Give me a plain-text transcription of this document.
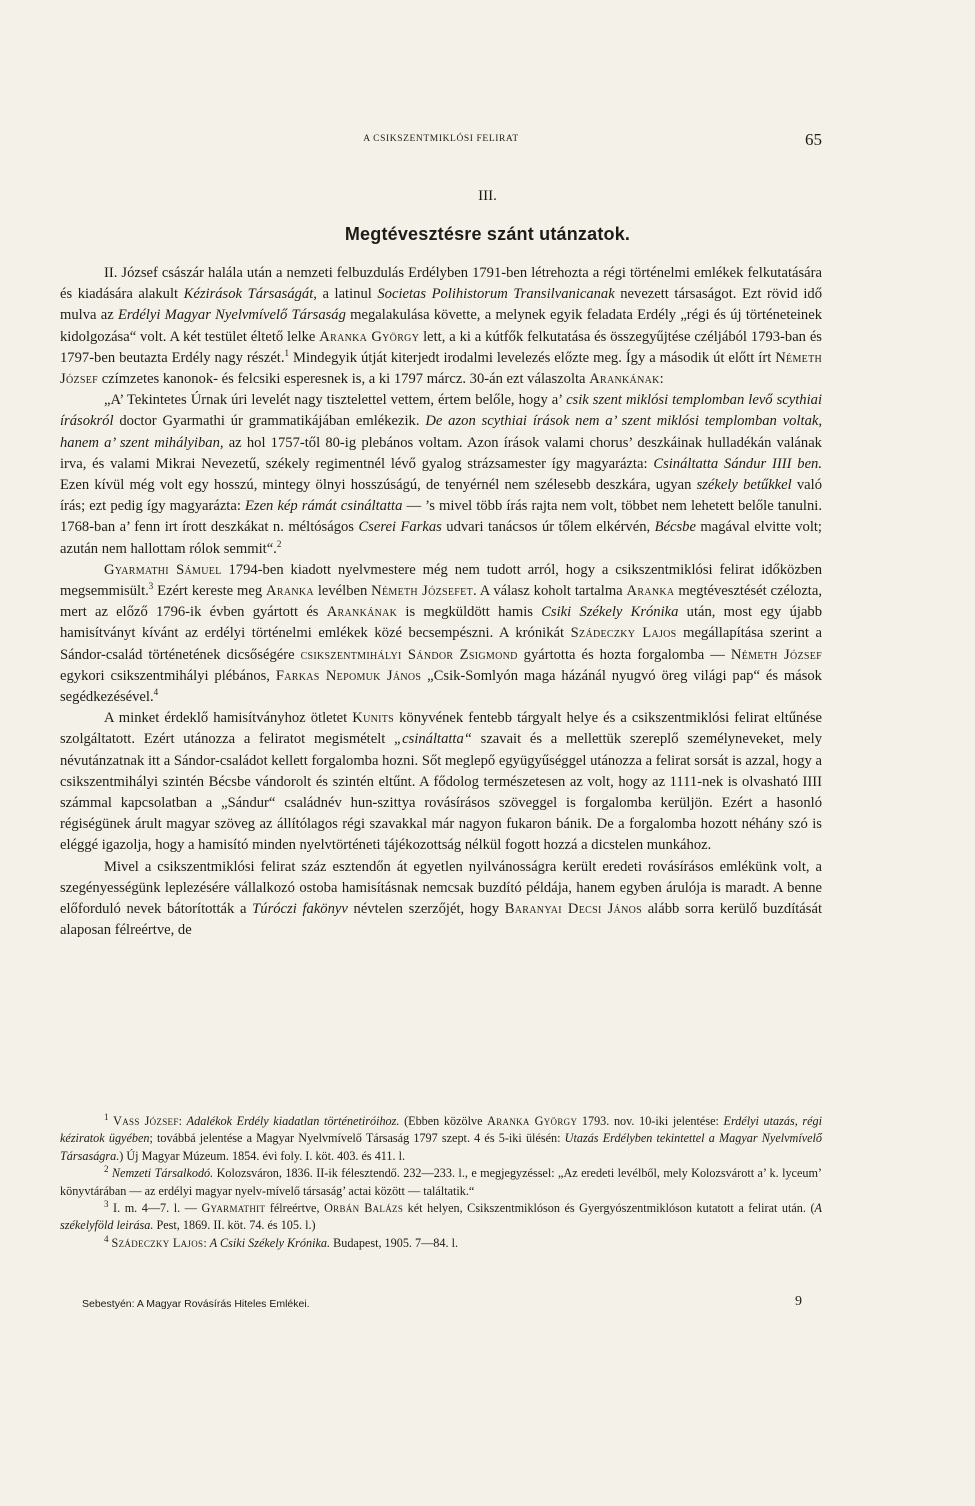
A CSIKSZENTMIKLÓSI FELIRAT	65
III.
Megtévesztésre szánt utánzatok.

II. József császár halála után a nemzeti felbuzdulás Erdélyben 1791-ben létrehozta a régi történelmi emlékek felkutatására és kiadására alakult Kézirások Társaságát, a latinul Societas Polihistorum Transilvanicanak nevezett társaságot. Ezt rövid idő mulva az Erdélyi Magyar Nyelvmívelő Társaság megalakulása követte, a melynek egyik feladata Erdély „régi és új történeteinek kidolgozása“ volt. A két testület éltető lelke Aranka György lett, a ki a kútfők felkutatása és összegyűjtése czéljából 1793-ban és 1797-ben beutazta Erdély nagy részét.$^1$ Mindegyik útját kiterjedt irodalmi levelezés előzte meg. Így a második út előtt írt Németh József czímzetes kanonok- és felcsiki esperesnek is, a ki 1797 márcz. 30-án ezt válaszolta Arankának:

„A’ Tekintetes Úrnak úri levelét nagy tisztelettel vettem, értem belőle, hogy a’ csik szent miklósi templomban levő scythiai írásokról doctor Gyarmathi úr grammatikájában emlékezik. De azon scythiai írások nem a’ szent miklósi templomban voltak, hanem a’ szent mihályiban, az hol 1757-től 80-ig plebános voltam. Azon írások valami chorus’ deszkáinak hulladékán valának irva, és valami Mikrai Nevezetű, székely regimentnél lévő gyalog strázsamester így magyarázta: Csináltatta Sándur IIII ben. Ezen kívül még volt egy hosszú, mintegy ölnyi hosszúságú, de tenyérnél nem szélesebb deszkára, ugyan székely betűkkel való írás; ezt pedig így magyarázta: Ezen kép rámát csináltatta — ’s mivel több írás rajta nem volt, többet nem lehetett belőle tanulni. 1768-ban a’ fenn irt írott deszkákat n. méltóságos Cserei Farkas udvari tanácsos úr tőlem elkérvén, Bécsbe magával elvitte volt; azután nem hallottam rólok semmit“.$^2$

Gyarmathi Sámuel 1794-ben kiadott nyelvmestere még nem tudott arról, hogy a csikszentmiklósi felirat időközben megsemmisült.$^3$ Ezért kereste meg Aranka levélben Németh Józsefet. A válasz koholt tartalma Aranka megtévesztését czélozta, mert az előző 1796-ik évben gyártott és Arankának is megküldött hamis Csiki Székely Krónika után, most egy újabb hamisítványt kívánt az erdélyi történelmi emlékek közé becsempészni. A krónikát Szádeczky Lajos megállapítása szerint a Sándor-család történetének dicsőségére csikszentmihályi Sándor Zsigmond gyártotta és hozta forgalomba — Németh József egykori csikszentmihályi plébános, Farkas Nepomuk János „Csik-Somlyón maga házánál nyugvó öreg világi pap“ és mások segédkezésével.$^4$

A minket érdeklő hamisítványhoz ötletet Kunits könyvének fentebb tárgyalt helye és a csikszentmiklósi felirat eltűnése szolgáltatott. Ezért utánozza a feliratot megismételt „csináltatta“ szavait és a mellettük szereplő személyneveket, mely névutánzatnak itt a Sándor-családot kellett forgalomba hozni. Sőt meglepő együgyűséggel utánozza a felirat sorsát is azzal, hogy a csikszentmihályi szintén Bécsbe vándorolt és szintén eltűnt. A fődolog természetesen az volt, hogy az 1111-nek is olvasható IIII számmal kapcsolatban a „Sándur“ családnév hun-szittya rovásírásos szöveggel is forgalomba kerüljön. Ezért a hasonló régiségünek árult magyar szöveg az állítólagos régi szavakkal már nagyon fukaron bánik. De a forgalomba hozott néhány szó is eléggé igazolja, hogy a hamisító minden nyelvtörténeti tájékozottság nélkül fogott hozzá a dicstelen munkához.

Mivel a csikszentmiklósi felirat száz esztendőn át egyetlen nyilvánosságra került eredeti rovásírásos emlékünk volt, a szegényességünk leplezésére vállalkozó ostoba hamisításnak nemcsak buzdító példája, hanem egyben árulója is maradt. A benne előforduló nevek bátorították a Túróczi fakönyv névtelen szerzőjét, hogy Baranyai Decsi János alább sorra kerülő buzdítását alaposan félreértve, de

$^1$ Vass József: Adalékok Erdély kiadatlan történetiróihoz. (Ebben közölve Aranka György 1793. nov. 10-iki jelentése: Erdélyi utazás, régi kéziratok ügyében; továbbá jelentése a Magyar Nyelvmívelő Társaság 1797 szept. 4 és 5-iki ülésén: Utazás Erdélyben tekintettel a Magyar Nyelvmívelő Társaságra.) Új Magyar Múzeum. 1854. évi foly. I. köt. 403. és 411. l.

$^2$ Nemzeti Társalkodó. Kolozsváron, 1836. II-ik félesztendő. 232—233. l., e megjegyzéssel: „Az eredeti levélből, mely Kolozsvárott a’ k. lyceum’ könyvtárában — az erdélyi magyar nyelv-mívelő társaság’ actai között — találtatik.“

$^3$ I. m. 4—7. l. — Gyarmathit félreértve, Orbán Balázs két helyen, Csikszentmiklóson és Gyergyószentmiklóson kutatott a felirat után. (A székelyföld leirása. Pest, 1869. II. köt. 74. és 105. l.)

$^4$ Szádeczky Lajos: A Csiki Székely Krónika. Budapest, 1905. 7—84. l.

Sebestyén: A Magyar Rovásírás Hiteles Emlékei.	9
